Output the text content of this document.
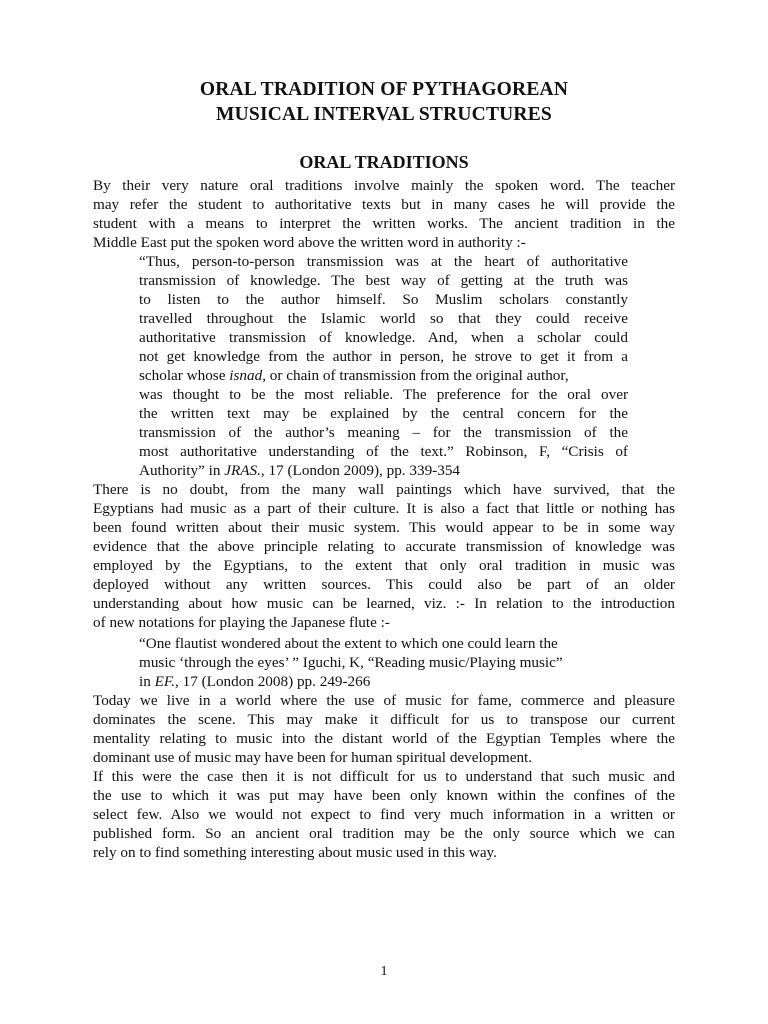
ORAL TRADITION OF PYTHAGOREAN
MUSICAL INTERVAL STRUCTURES
ORAL TRADITIONS
By their very nature oral traditions involve mainly the spoken word. The teacher
may refer the student to authoritative texts but in many cases he will provide the
student with a means to interpret the written works. The ancient tradition in the
Middle East put the spoken word above the written word in authority :-
“Thus, person-to-person transmission was at the heart of authoritative
transmission of knowledge. The best way of getting at the truth was
to listen to the author himself. So Muslim scholars constantly
travelled throughout the Islamic world so that they could receive
authoritative transmission of knowledge. And, when a scholar could
not get knowledge from the author in person, he strove to get it from a
scholar whose isnad, or chain of transmission from the original author,
was thought to be the most reliable. The preference for the oral over
the written text may be explained by the central concern for the
transmission of the author’s meaning – for the transmission of the
most authoritative understanding of the text.” Robinson, F, “Crisis of
Authority” in JRAS., 17 (London 2009), pp. 339-354
There is no doubt, from the many wall paintings which have survived, that the
Egyptians had music as a part of their culture. It is also a fact that little or nothing has
been found written about their music system. This would appear to be in some way
evidence that the above principle relating to accurate transmission of knowledge was
employed by the Egyptians, to the extent that only oral tradition in music was
deployed without any written sources. This could also be part of an older
understanding about how music can be learned, viz. :- In relation to the introduction
of new notations for playing the Japanese flute :-
“One flautist wondered about the extent to which one could learn the
music ‘through the eyes’ ” Iguchi, K, “Reading music/Playing music”
in EF., 17 (London 2008) pp. 249-266
Today we live in a world where the use of music for fame, commerce and pleasure
dominates the scene. This may make it difficult for us to transpose our current
mentality relating to music into the distant world of the Egyptian Temples where the
dominant use of music may have been for human spiritual development.
If this were the case then it is not difficult for us to understand that such music and
the use to which it was put may have been only known within the confines of the
select few. Also we would not expect to find very much information in a written or
published form. So an ancient oral tradition may be the only source which we can
rely on to find something interesting about music used in this way.
1
